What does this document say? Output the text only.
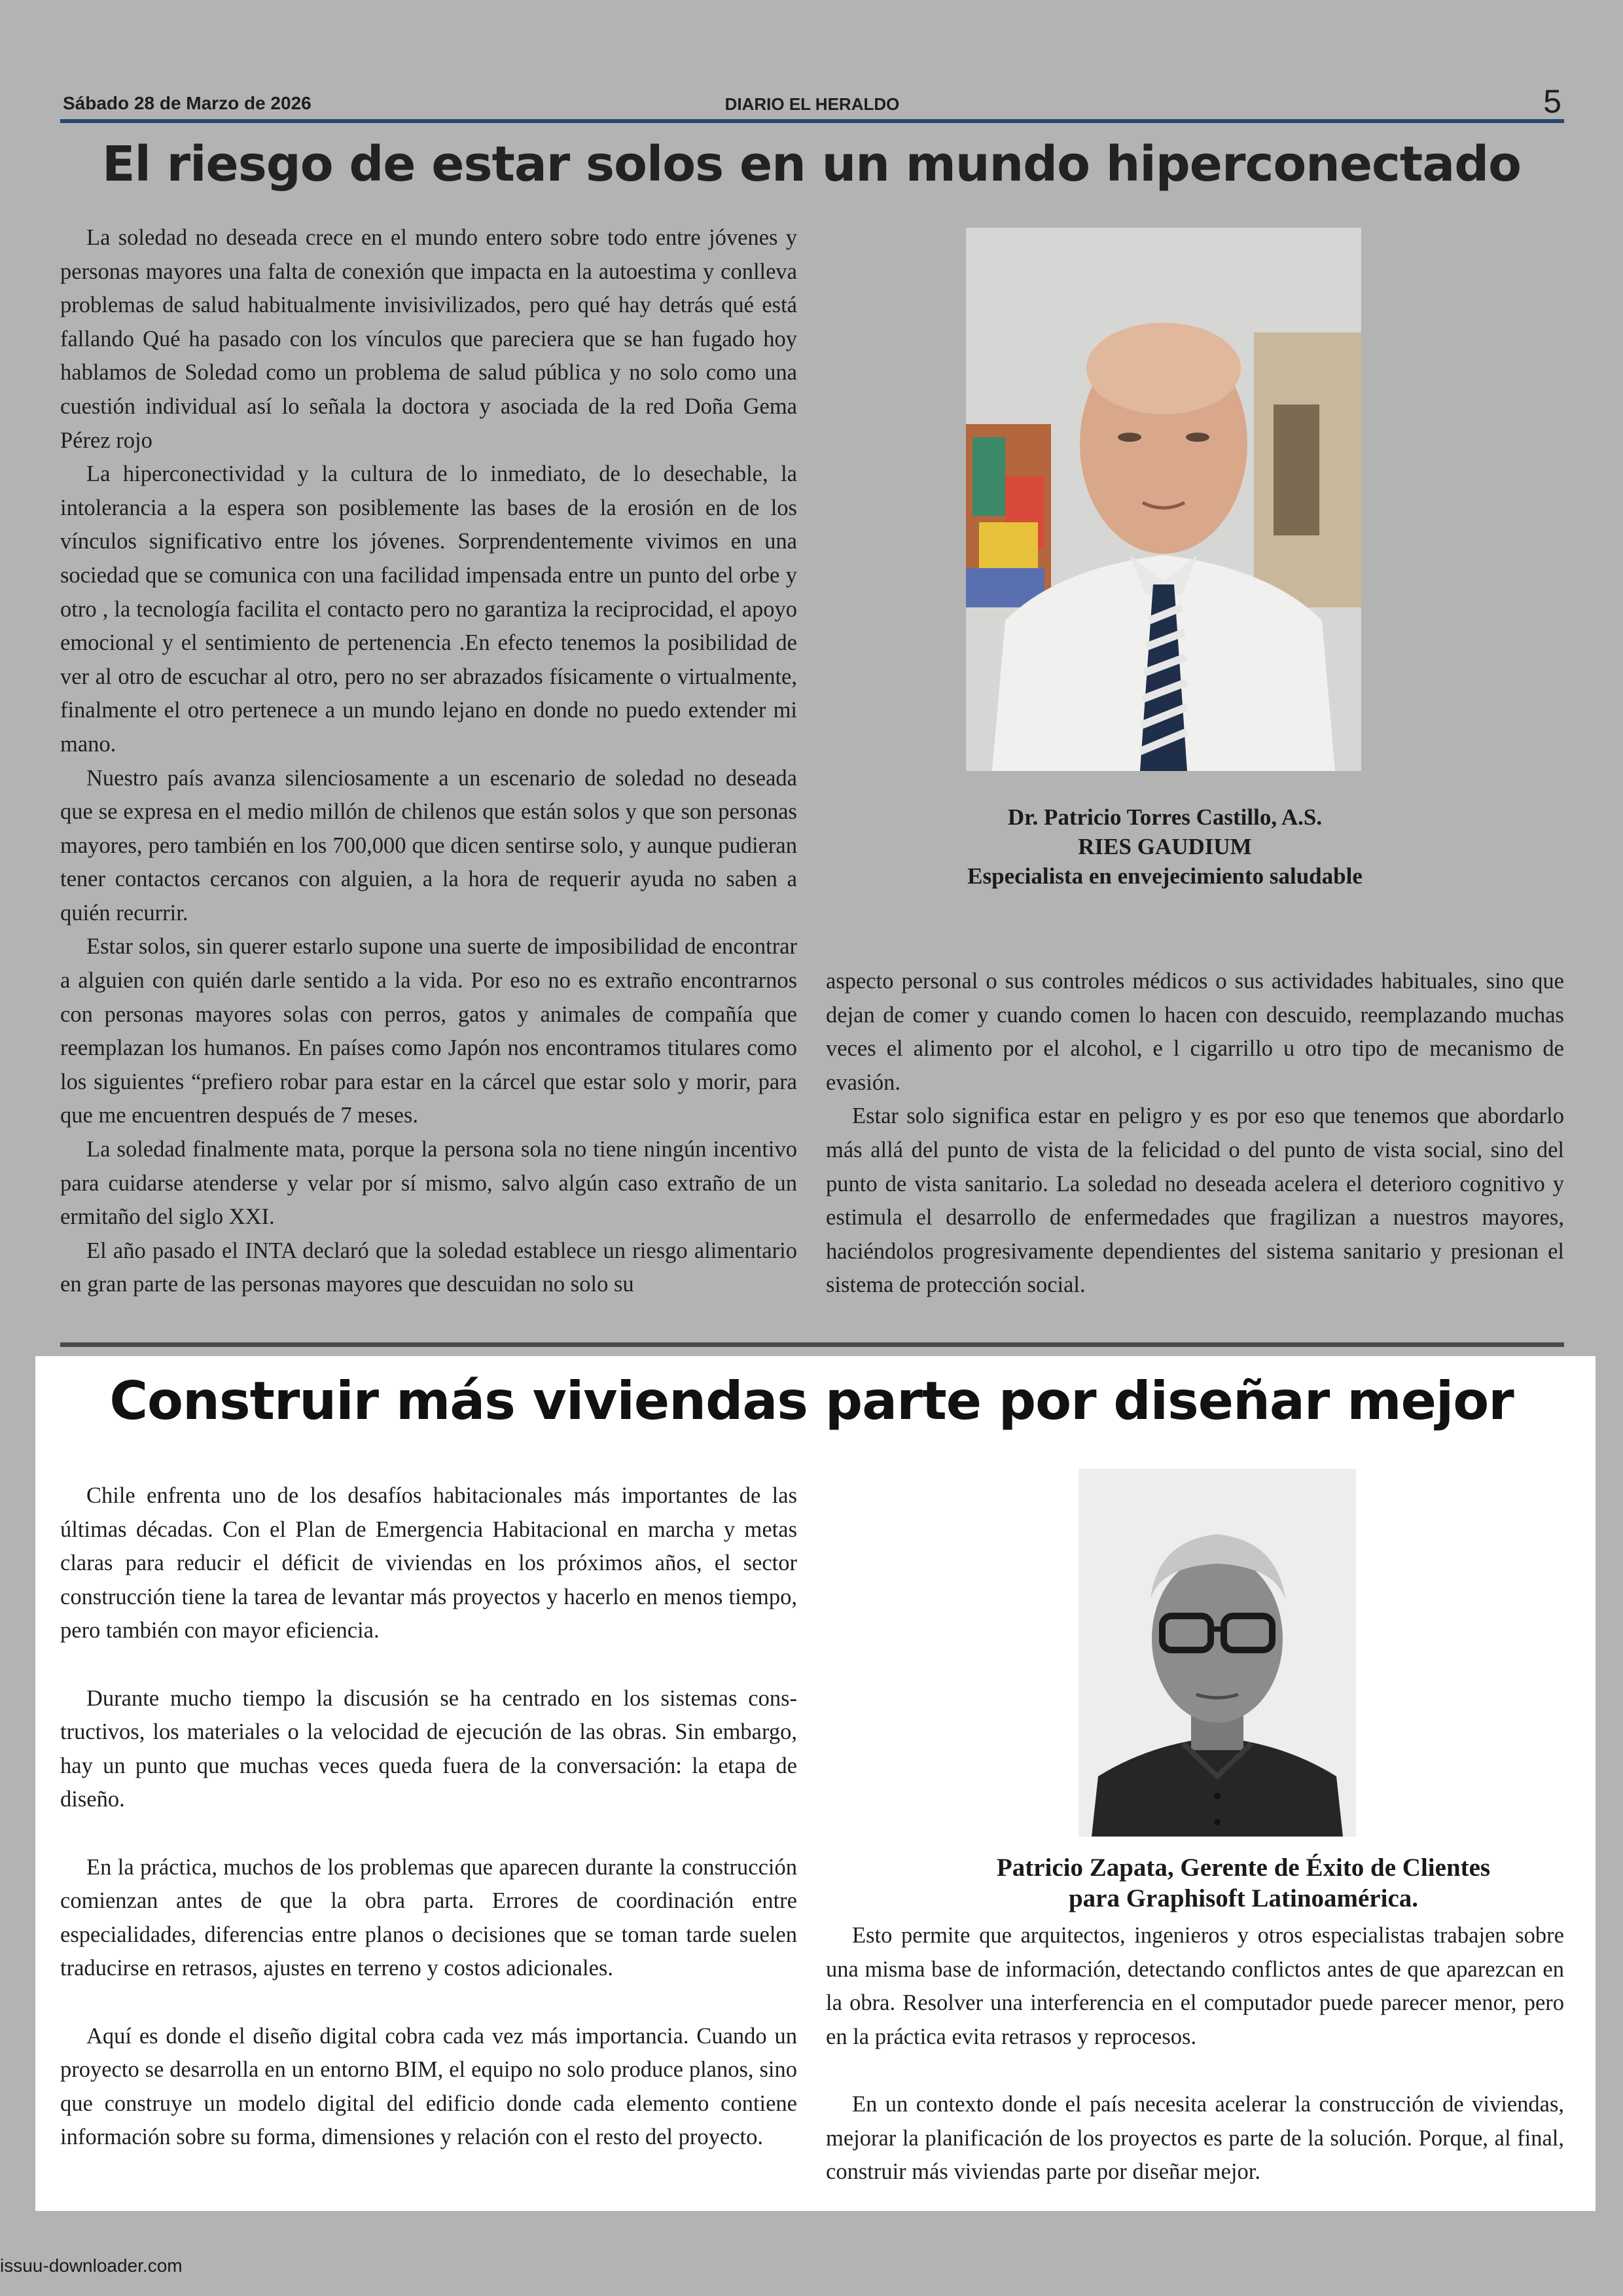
Sábado 28 de Marzo de 2026	DIARIO EL HERALDO	5
El riesgo de estar solos en un mundo hiperconectado

La soledad no deseada crece en el mundo entero sobre todo entre jóvenes y personas mayores una falta de conexión que impacta en la autoestima y conlleva problemas de salud habitualmente invisivilizados, pero qué hay detrás qué está fallando Qué ha pasado con los vínculos que pareciera que se han fugado hoy hablamos de Soledad como un problema de salud pública y no solo como una cuestión individual así lo señala la doctora y asociada de la red Doña Gema Pérez rojo

La hiperconectividad y la cultura de lo inmediato, de lo desechable, la intolerancia a la espera son posiblemente las bases de la erosión en de los vínculos significativo entre los jóvenes. Sorprendentemente vivimos en una sociedad que se comunica con una facilidad impensada entre un punto del orbe y otro , la tecnología facilita el contacto pero no garantiza la reciprocidad, el apoyo emocional y el sentimiento de pertenencia .En efecto tenemos la posibilidad de ver al otro de escuchar al otro, pero no ser abrazados físicamente o virtualmente, finalmente el otro pertenece a un mundo lejano en donde no puedo extender mi mano.

Nuestro país avanza silenciosamente a un escenario de soledad no deseada que se expresa en el medio millón de chilenos que están solos y que son personas mayores, pero también en los 700,000 que dicen sentirse solo, y aunque pudieran tener contactos cercanos con alguien, a la hora de requerir ayuda no saben a quién recurrir.

Estar solos, sin querer estarlo supone una suerte de imposibilidad de encontrar a alguien con quién darle sentido a la vida. Por eso no es extraño encontrarnos con personas mayores solas con perros, gatos y animales de compañía que reemplazan los humanos. En países como Japón nos encontramos titulares como los siguientes “prefiero robar para estar en la cárcel que estar solo y morir, para que me encuentren después de 7 meses.

La soledad finalmente mata, porque la persona sola no tiene ningún incentivo para cuidarse atenderse y velar por sí mismo, salvo algún caso extraño de un ermitaño del siglo XXI.

El año pasado el INTA declaró que la soledad establece un riesgo alimentario en gran parte de las personas mayores que descuidan no solo su

Dr. Patricio Torres Castillo, A.S.
RIES GAUDIUM
Especialista en envejecimiento saludable

aspecto personal o sus controles médicos o sus actividades habituales, sino que dejan de comer y cuando comen lo hacen con descuido, reemplazando muchas veces el alimento por el alcohol, e l cigarrillo u otro tipo de mecanismo de evasión.

Estar solo significa estar en peligro y es por eso que tenemos que abordarlo más allá del punto de vista de la felicidad o del punto de vista social, sino del punto de vista sanitario. La soledad no deseada acelera el deterioro cognitivo y estimula el desarrollo de enfermedades que fragilizan a nuestros mayores, haciéndolos progresivamente dependientes del sistema sanitario y presionan el sistema de protección social.

Construir más viviendas parte por diseñar mejor

Chile enfrenta uno de los desafíos habitacionales más importantes de las últimas décadas. Con el Plan de Emergencia Habitacional en marcha y metas claras para reducir el déficit de viviendas en los próximos años, el sector construcción tiene la tarea de levantar más proyectos y hacerlo en menos tiempo, pero también con mayor eficiencia.

Durante mucho tiempo la discusión se ha centrado en los sistemas constructivos, los materiales o la velocidad de ejecución de las obras. Sin embargo, hay un punto que muchas veces queda fuera de la conversación: la etapa de diseño.

En la práctica, muchos de los problemas que aparecen durante la construcción comienzan antes de que la obra parta. Errores de coordinación entre especialidades, diferencias entre planos o decisiones que se toman tarde suelen traducirse en retrasos, ajustes en terreno y costos adicionales.

Aquí es donde el diseño digital cobra cada vez más importancia. Cuando un proyecto se desarrolla en un entorno BIM, el equipo no solo produce planos, sino que construye un modelo digital del edificio donde cada elemento contiene información sobre su forma, dimensiones y relación con el resto del proyecto.

Patricio Zapata, Gerente de Éxito de Clientes
para Graphisoft Latinoamérica.

Esto permite que arquitectos, ingenieros y otros especialistas trabajen sobre una misma base de información, detectando conflictos antes de que aparezcan en la obra. Resolver una interferencia en el computador puede parecer menor, pero en la práctica evita retrasos y reprocesos.

En un contexto donde el país necesita acelerar la construcción de viviendas, mejorar la planificación de los proyectos es parte de la solución. Porque, al final, construir más viviendas parte por diseñar mejor.

issuu-downloader.com
